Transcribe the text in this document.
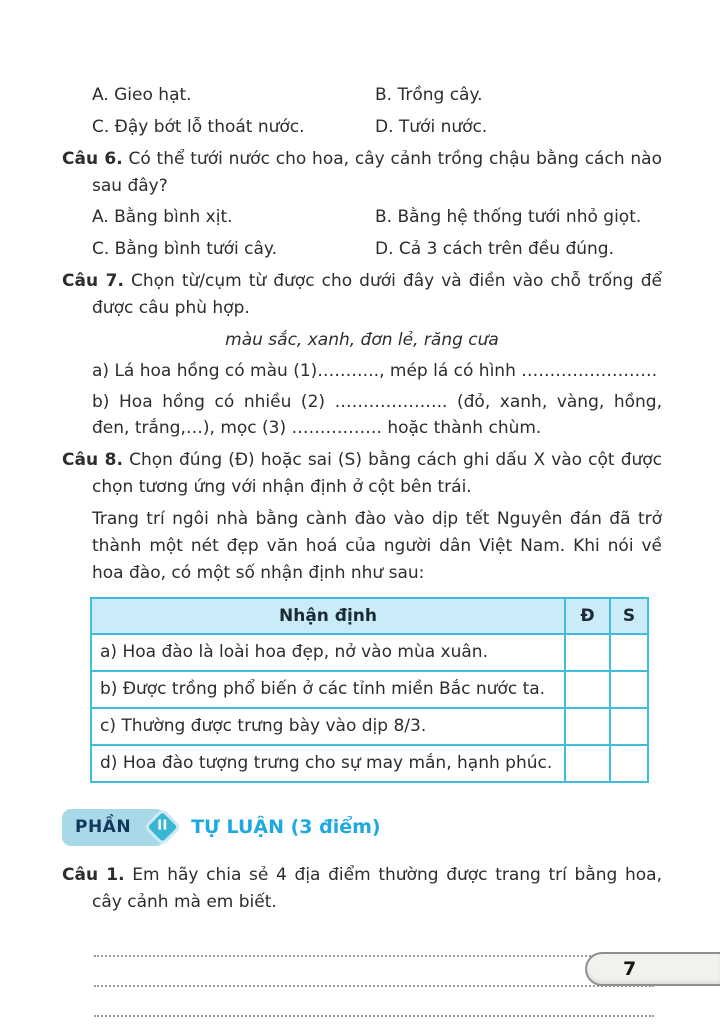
A. Gieo hạt.	B. Trồng cây.
C. Đậy bớt lỗ thoát nước.	D. Tưới nước.

Câu 6. Có thể tưới nước cho hoa, cây cảnh trồng chậu bằng cách nào sau đây?

A. Bằng bình xịt.	B. Bằng hệ thống tưới nhỏ giọt.
C. Bằng bình tưới cây.	D. Cả 3 cách trên đều đúng.

Câu 7. Chọn từ/cụm từ được cho dưới đây và điền vào chỗ trống để được câu phù hợp.

màu sắc, xanh, đơn lẻ, răng cưa

a) Lá hoa hồng có màu (1)……….., mép lá có hình ……………………

b) Hoa hồng có nhiều (2) ……………….. (đỏ, xanh, vàng, hồng, đen, trắng,…), mọc (3) ……………. hoặc thành chùm.

Câu 8. Chọn đúng (Đ) hoặc sai (S) bằng cách ghi dấu X vào cột được chọn tương ứng với nhận định ở cột bên trái.

Trang trí ngôi nhà bằng cành đào vào dịp tết Nguyên đán đã trở thành một nét đẹp văn hoá của người dân Việt Nam. Khi nói về hoa đào, có một số nhận định như sau:

Nhận định	Đ	S
a) Hoa đào là loài hoa đẹp, nở vào mùa xuân.		
b) Được trồng phổ biến ở các tỉnh miền Bắc nước ta.		
c) Thường được trưng bày vào dịp 8/3.		
d) Hoa đào tượng trưng cho sự may mắn, hạnh phúc.		
PHẦN II TỰ LUẬN (3 điểm)

Câu 1. Em hãy chia sẻ 4 địa điểm thường được trang trí bằng hoa, cây cảnh mà em biết.

7
